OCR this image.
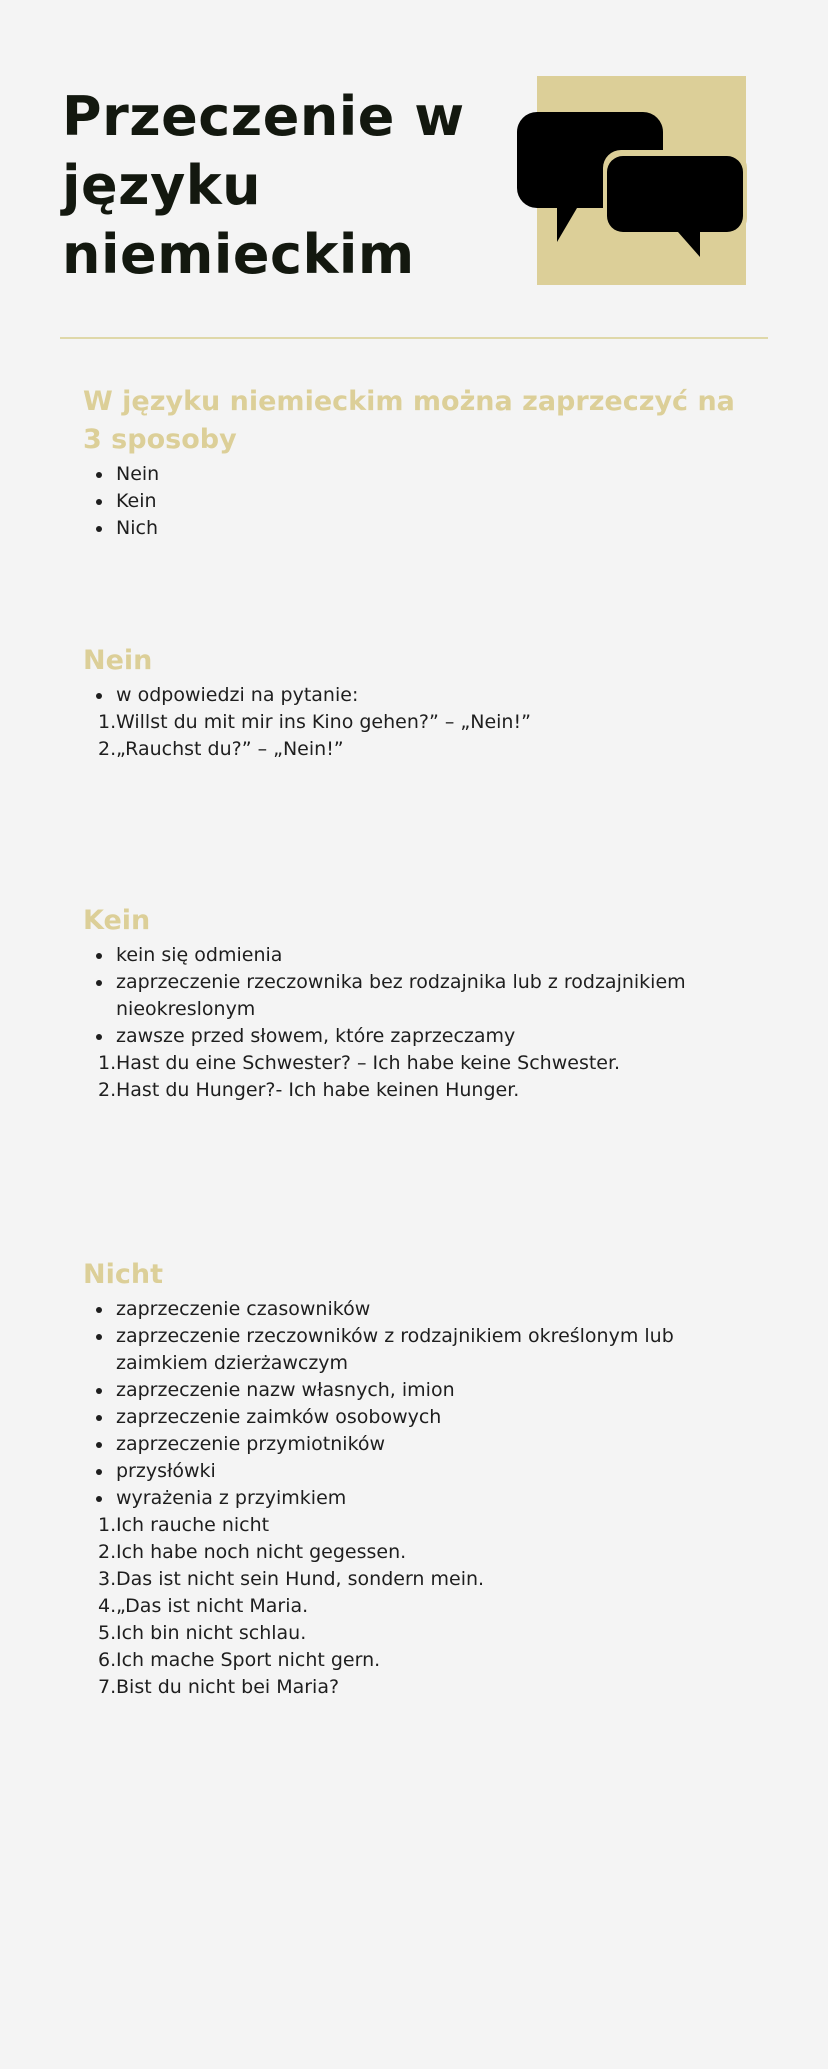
Przeczenie w języku niemieckim
W języku niemieckim można zaprzeczyć na 3 sposoby
Nein
Kein
Nich
Nein
w odpowiedzi na pytanie:
1. Willst du mit mir ins Kino gehen?” – „Nein!”
2. „Rauchst du?” – „Nein!”
Kein
kein się odmienia
zaprzeczenie rzeczownika bez rodzajnika lub z rodzajnikiem nieokreslonym
zawsze przed słowem, które zaprzeczamy
1. Hast du eine Schwester? – Ich habe keine Schwester.
2. Hast du Hunger?- Ich habe keinen Hunger.
Nicht
zaprzeczenie czasowników
zaprzeczenie rzeczowników z rodzajnikiem określonym lub zaimkiem dzierżawczym
zaprzeczenie nazw własnych, imion
zaprzeczenie zaimków osobowych
zaprzeczenie przymiotników
przysłówki
wyrażenia z przyimkiem
1. Ich rauche nicht
2. Ich habe noch nicht gegessen.
3. Das ist nicht sein Hund, sondern mein.
4. „Das ist nicht Maria.
5. Ich bin nicht schlau.
6. Ich mache Sport nicht gern.
7. Bist du nicht bei Maria?
